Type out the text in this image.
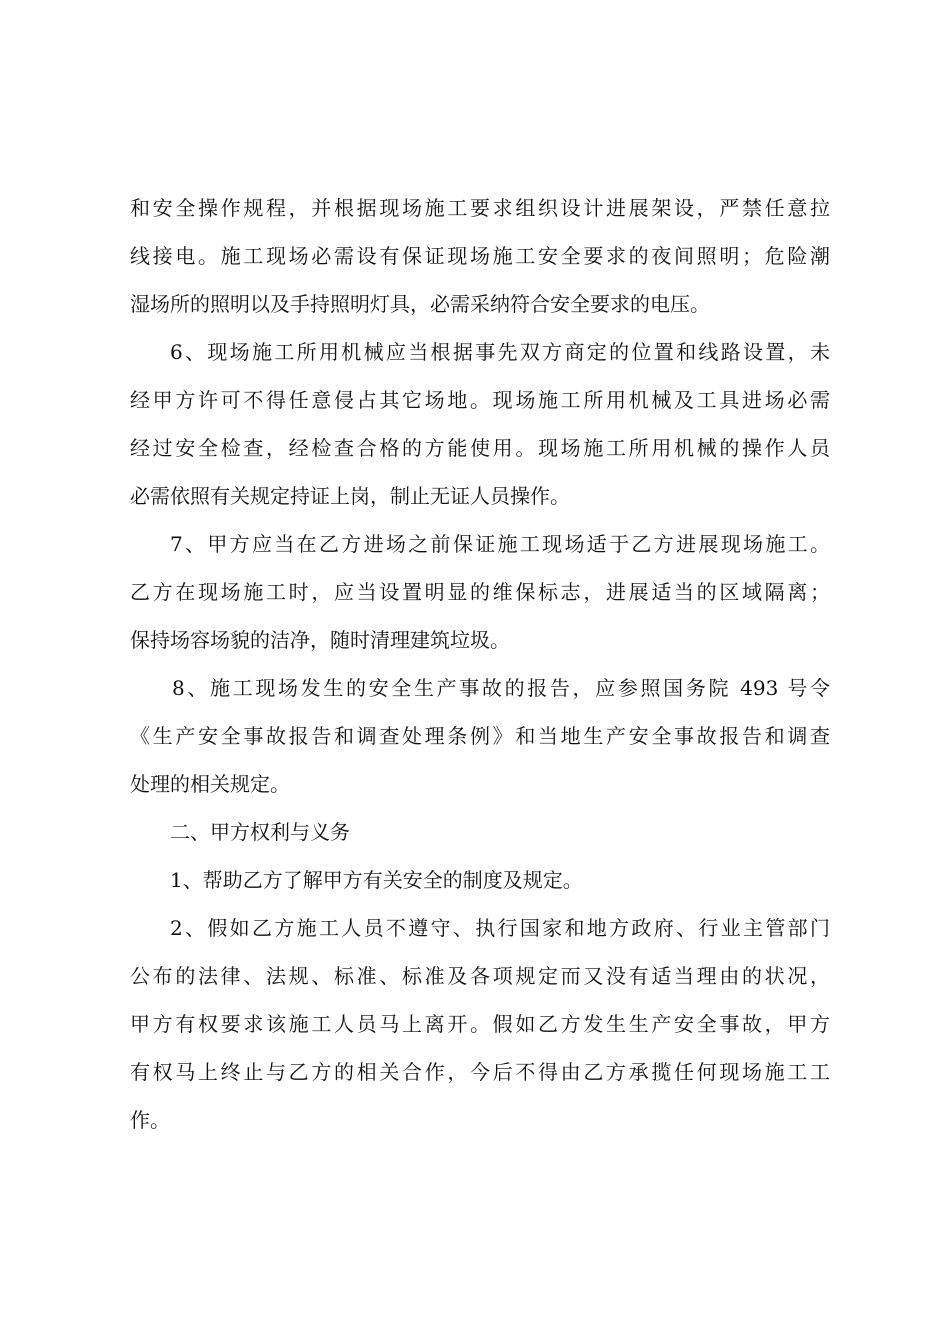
和安全操作规程，并根据现场施工要求组织设计进展架设，严禁任意拉

线接电。施工现场必需设有保证现场施工安全要求的夜间照明；危险潮

湿场所的照明以及手持照明灯具，必需采纳符合安全要求的电压。

6、现场施工所用机械应当根据事先双方商定的位置和线路设置，未

经甲方许可不得任意侵占其它场地。现场施工所用机械及工具进场必需

经过安全检查，经检查合格的方能使用。现场施工所用机械的操作人员

必需依照有关规定持证上岗，制止无证人员操作。

7、甲方应当在乙方进场之前保证施工现场适于乙方进展现场施工。

乙方在现场施工时，应当设置明显的维保标志，进展适当的区域隔离；

保持场容场貌的洁净，随时清理建筑垃圾。

8、施工现场发生的安全生产事故的报告，应参照国务院 493 号令

《生产安全事故报告和调查处理条例》和当地生产安全事故报告和调查

处理的相关规定。

二、甲方权利与义务

1、帮助乙方了解甲方有关安全的制度及规定。

2、假如乙方施工人员不遵守、执行国家和地方政府、行业主管部门

公布的法律、法规、标准、标准及各项规定而又没有适当理由的状况，

甲方有权要求该施工人员马上离开。假如乙方发生生产安全事故，甲方

有权马上终止与乙方的相关合作，今后不得由乙方承揽任何现场施工工

作。
